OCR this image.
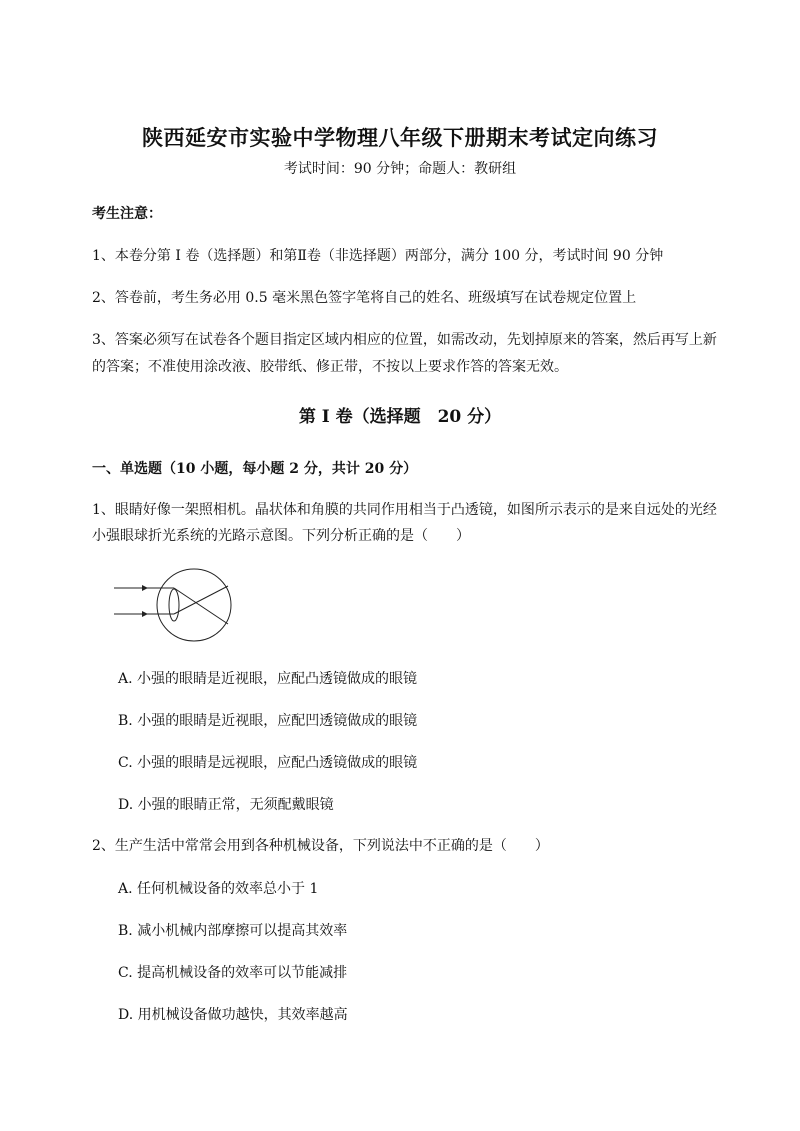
陕西延安市实验中学物理八年级下册期末考试定向练习
考试时间：90 分钟；命题人：教研组
考生注意：
1、本卷分第 I 卷（选择题）和第Ⅱ卷（非选择题）两部分，满分 100 分，考试时间 90 分钟
2、答卷前，考生务必用 0.5 毫米黑色签字笔将自己的姓名、班级填写在试卷规定位置上
3、答案必须写在试卷各个题目指定区域内相应的位置，如需改动，先划掉原来的答案，然后再写上新
的答案；不准使用涂改液、胶带纸、修正带，不按以上要求作答的答案无效。
第 I 卷（选择题　20 分）
一、单选题（10 小题，每小题 2 分，共计 20 分）
1、眼睛好像一架照相机。晶状体和角膜的共同作用相当于凸透镜，如图所示表示的是来自远处的光经
小强眼球折光系统的光路示意图。下列分析正确的是（　　）
A. 小强的眼睛是近视眼，应配凸透镜做成的眼镜
B. 小强的眼睛是近视眼，应配凹透镜做成的眼镜
C. 小强的眼睛是远视眼，应配凸透镜做成的眼镜
D. 小强的眼睛正常，无须配戴眼镜
2、生产生活中常常会用到各种机械设备，下列说法中不正确的是（　　）
A. 任何机械设备的效率总小于 1
B. 减小机械内部摩擦可以提高其效率
C. 提高机械设备的效率可以节能减排
D. 用机械设备做功越快，其效率越高
